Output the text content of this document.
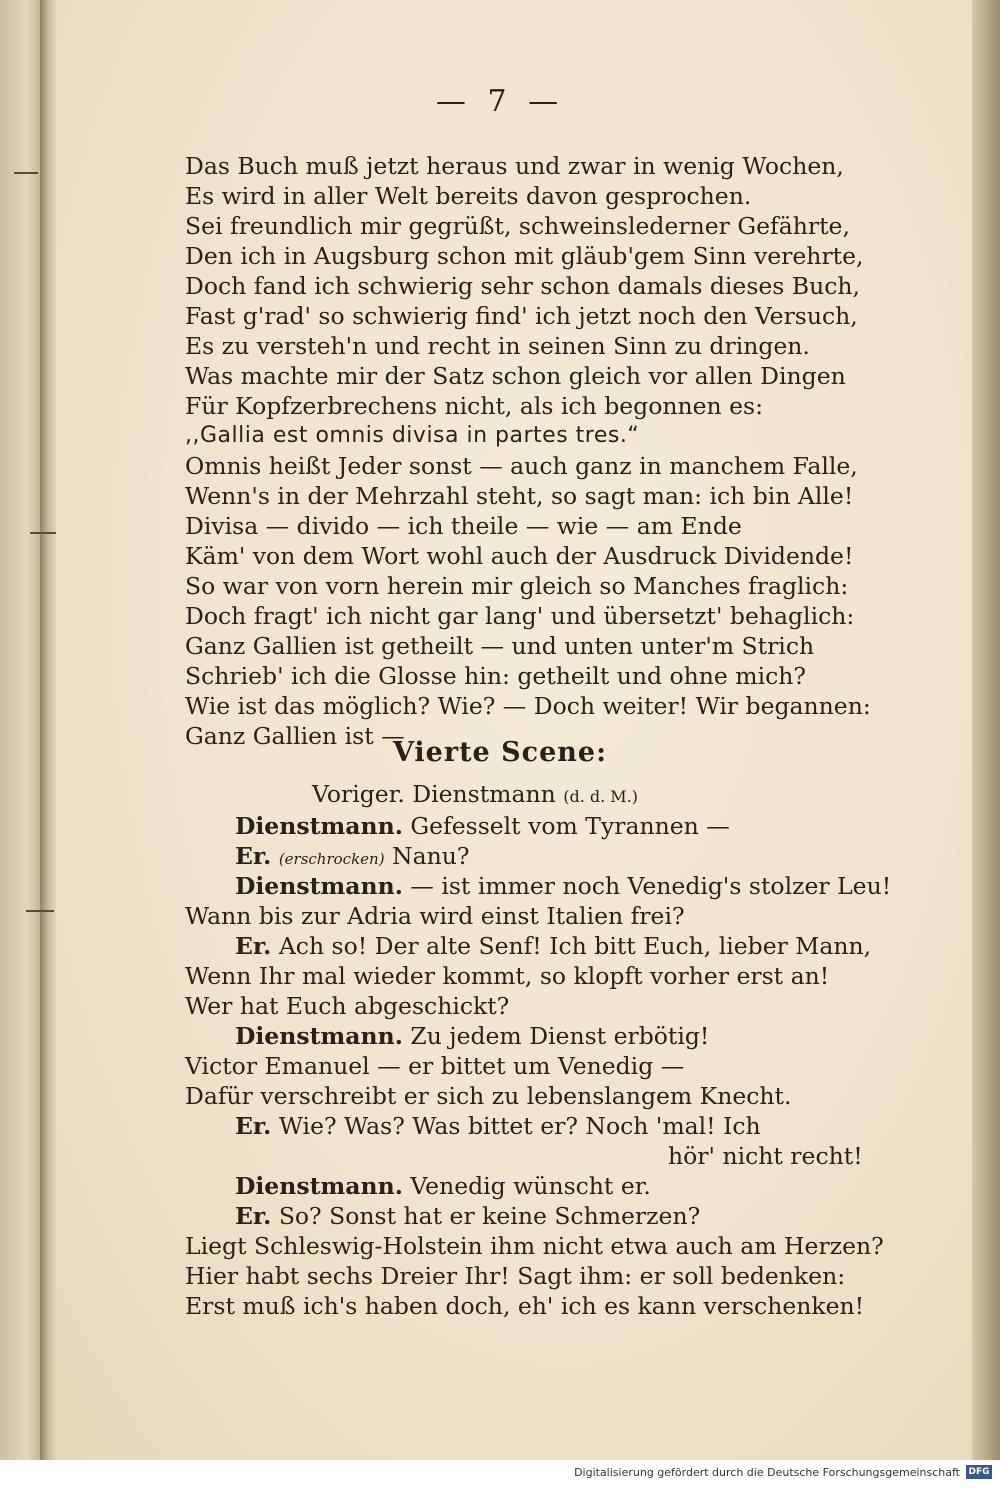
— 7 —
Das Buch muß jetzt heraus und zwar in wenig Wochen,
Es wird in aller Welt bereits davon gesprochen.
Sei freundlich mir gegrüßt, schweinslederner Gefährte,
Den ich in Augsburg schon mit gläub'gem Sinn verehrte,
Doch fand ich schwierig sehr schon damals dieses Buch,
Fast g'rad' so schwierig find' ich jetzt noch den Versuch,
Es zu versteh'n und recht in seinen Sinn zu dringen.
Was machte mir der Satz schon gleich vor allen Dingen
Für Kopfzerbrechens nicht, als ich begonnen es:
,,Gallia est omnis divisa in partes tres.“
Omnis heißt Jeder sonst — auch ganz in manchem Falle,
Wenn's in der Mehrzahl steht, so sagt man: ich bin Alle!
Divisa — divido — ich theile — wie — am Ende
Käm' von dem Wort wohl auch der Ausdruck Dividende!
So war von vorn herein mir gleich so Manches fraglich:
Doch fragt' ich nicht gar lang' und übersetzt' behaglich:
Ganz Gallien ist getheilt — und unten unter'm Strich
Schrieb' ich die Glosse hin: getheilt und ohne mich?
Wie ist das möglich? Wie? — Doch weiter! Wir begannen:
Ganz Gallien ist —
Vierte Scene:
Voriger. Dienstmann (d. d. M.)
Dienstmann. Gefesselt vom Tyrannen —
Er. (erschrocken) Nanu?
Dienstmann. — ist immer noch Venedig's stolzer Leu!
Wann bis zur Adria wird einst Italien frei?
Er. Ach so! Der alte Senf! Ich bitt Euch, lieber Mann,
Wenn Ihr mal wieder kommt, so klopft vorher erst an!
Wer hat Euch abgeschickt?
Dienstmann. Zu jedem Dienst erbötig!
Victor Emanuel — er bittet um Venedig —
Dafür verschreibt er sich zu lebenslangem Knecht.
Er. Wie? Was? Was bittet er? Noch 'mal! Ich
hör' nicht recht!
Dienstmann. Venedig wünscht er.
Er. So? Sonst hat er keine Schmerzen?
Liegt Schleswig-Holstein ihm nicht etwa auch am Herzen?
Hier habt sechs Dreier Ihr! Sagt ihm: er soll bedenken:
Erst muß ich's haben doch, eh' ich es kann verschenken!
Digitalisierung gefördert durch die Deutsche Forschungsgemeinschaft DFG
